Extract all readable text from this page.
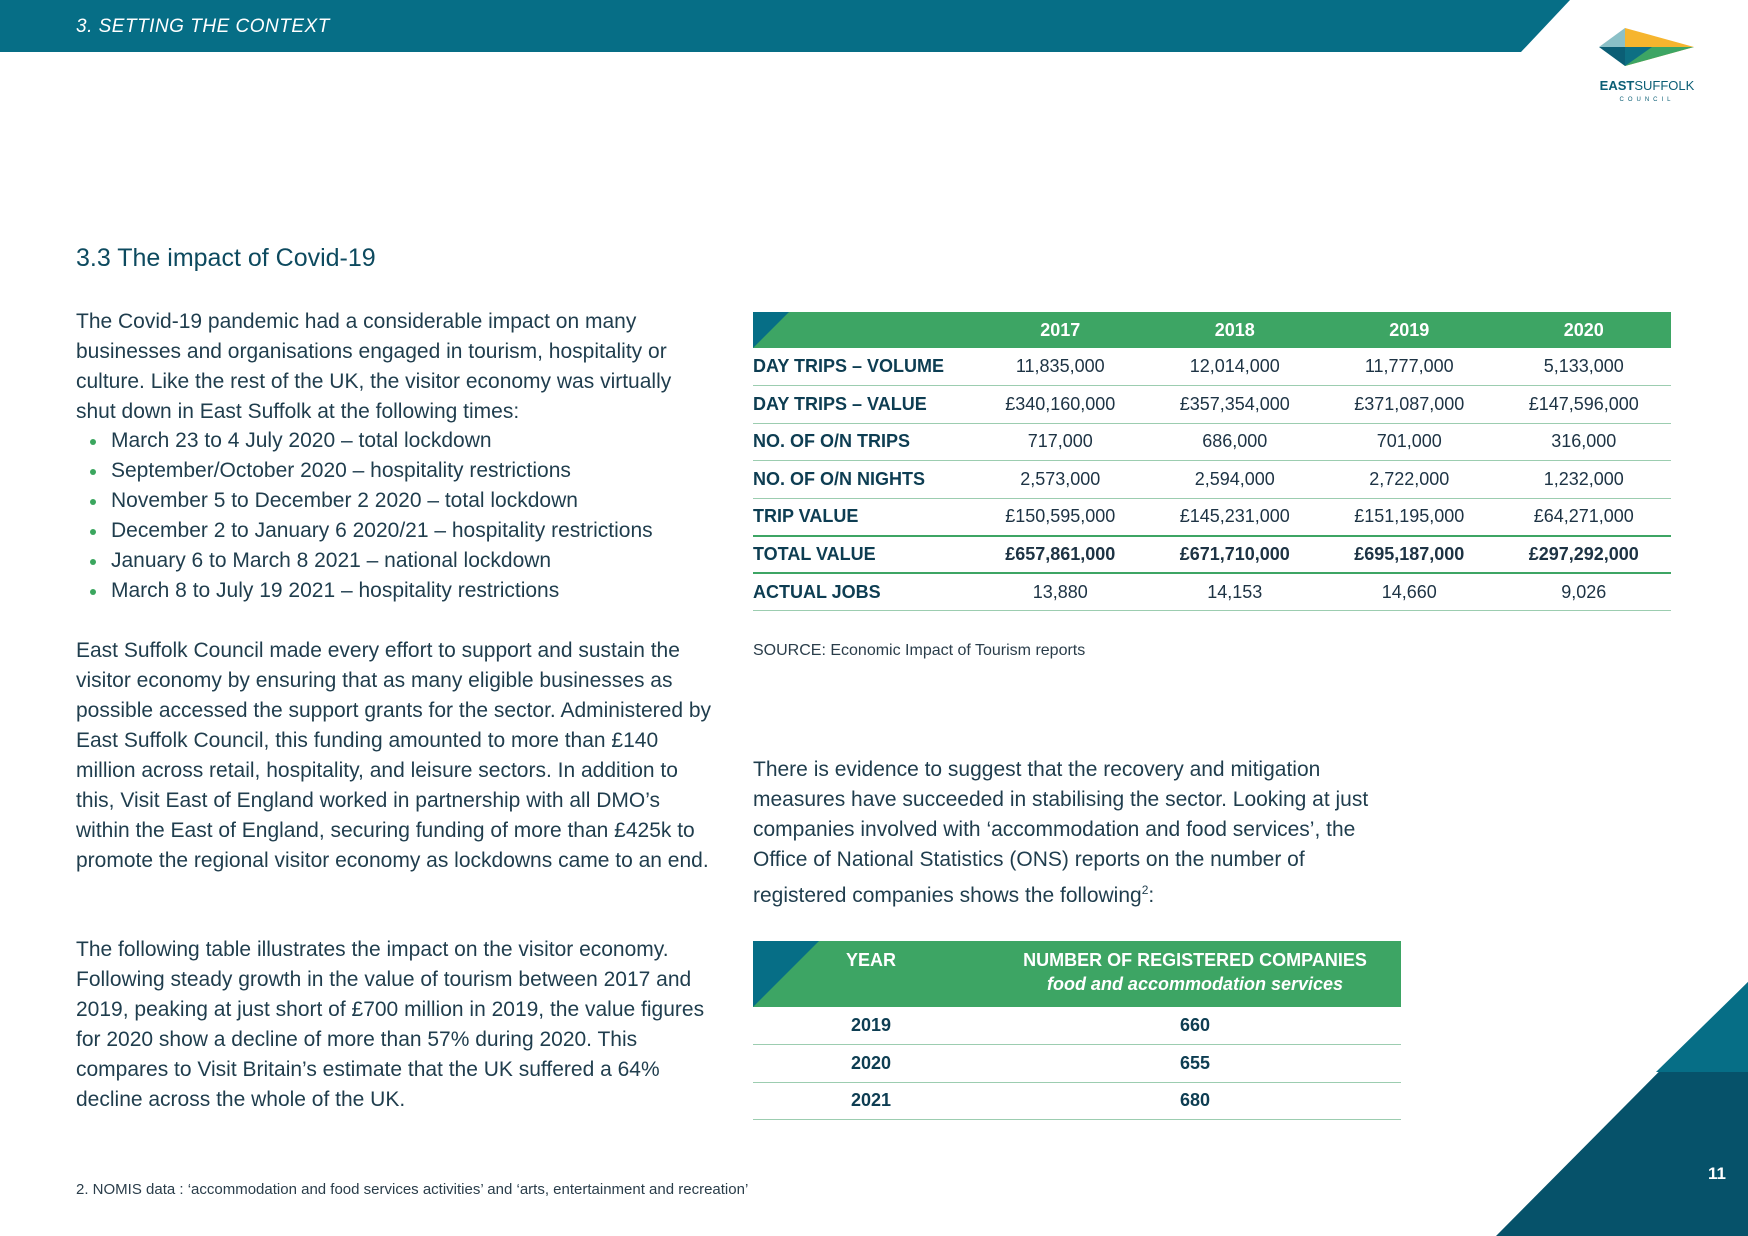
3. SETTING THE CONTEXT
EASTSUFFOLK
COUNCIL
3.3 The impact of Covid-19

The Covid-19 pandemic had a considerable impact on many businesses and organisations engaged in tourism, hospitality or culture. Like the rest of the UK, the visitor economy was virtually shut down in East Suffolk at the following times:

March 23 to 4 July 2020 – total lockdown
September/October 2020 – hospitality restrictions
November 5 to December 2 2020 – total lockdown
December 2 to January 6 2020/21 – hospitality restrictions
January 6 to March 8 2021 – national lockdown
March 8 to July 19 2021 – hospitality restrictions

East Suffolk Council made every effort to support and sustain the visitor economy by ensuring that as many eligible businesses as possible accessed the support grants for the sector. Administered by East Suffolk Council, this funding amounted to more than £140 million across retail, hospitality, and leisure sectors. In addition to this, Visit East of England worked in partnership with all DMO’s within the East of England, securing funding of more than £425k to promote the regional visitor economy as lockdowns came to an end.

The following table illustrates the impact on the visitor economy. Following steady growth in the value of tourism between 2017 and 2019, peaking at just short of £700 million in 2019, the value figures for 2020 show a decline of more than 57% during 2020. This compares to Visit Britain’s estimate that the UK suffered a 64% decline across the whole of the UK.

	2017	2018	2019	2020
DAY TRIPS – VOLUME	11,835,000	12,014,000	11,777,000	5,133,000
DAY TRIPS – VALUE	£340,160,000	£357,354,000	£371,087,000	£147,596,000
NO. OF O/N TRIPS	717,000	686,000	701,000	316,000
NO. OF O/N NIGHTS	2,573,000	2,594,000	2,722,000	1,232,000
TRIP VALUE	£150,595,000	£145,231,000	£151,195,000	£64,271,000
TOTAL VALUE	£657,861,000	£671,710,000	£695,187,000	£297,292,000
ACTUAL JOBS	13,880	14,153	14,660	9,026
SOURCE: Economic Impact of Tourism reports

There is evidence to suggest that the recovery and mitigation measures have succeeded in stabilising the sector. Looking at just companies involved with ‘accommodation and food services’, the Office of National Statistics (ONS) reports on the number of registered companies shows the following$^2$:

YEAR	NUMBER OF REGISTERED COMPANIES
food and accommodation services

2019	660
2020	655
2021	680
2. NOMIS data : ‘accommodation and food services activities’ and ‘arts, entertainment and recreation’
11
